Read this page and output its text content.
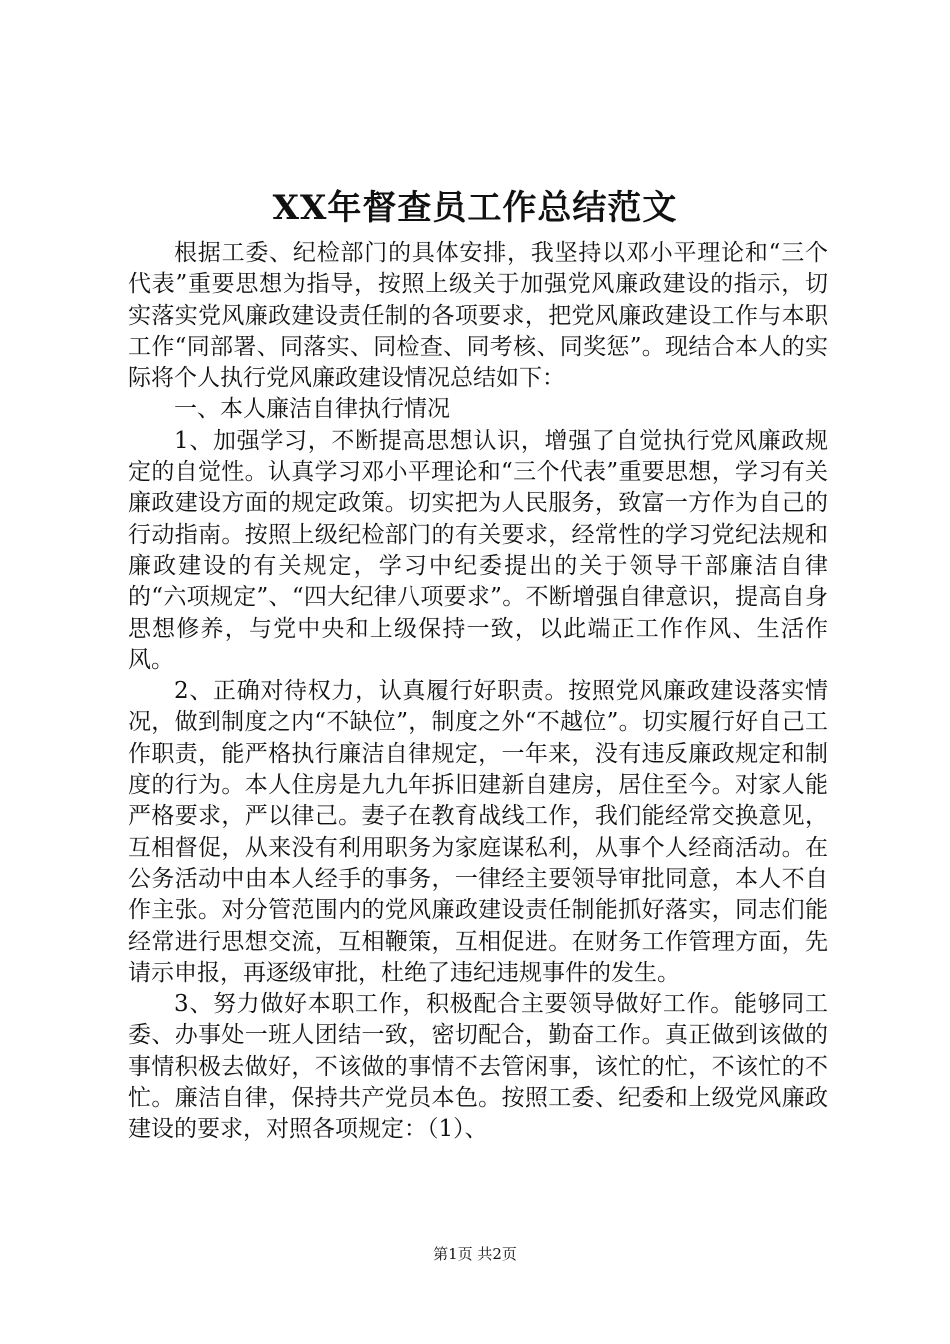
XX年督查员工作总结范文

根据工委、纪检部门的具体安排，我坚持以邓小平理论和“三个代表”重要思想为指导，按照上级关于加强党风廉政建设的指示，切实落实党风廉政建设责任制的各项要求，把党风廉政建设工作与本职工作“同部署、同落实、同检查、同考核、同奖惩”。现结合本人的实际将个人执行党风廉政建设情况总结如下：

一、本人廉洁自律执行情况

1、加强学习，不断提高思想认识，增强了自觉执行党风廉政规定的自觉性。认真学习邓小平理论和“三个代表”重要思想，学习有关廉政建设方面的规定政策。切实把为人民服务，致富一方作为自己的行动指南。按照上级纪检部门的有关要求，经常性的学习党纪法规和廉政建设的有关规定，学习中纪委提出的关于领导干部廉洁自律的“六项规定”、“四大纪律八项要求”。不断增强自律意识，提高自身思想修养，与党中央和上级保持一致，以此端正工作作风、生活作风。

2、正确对待权力，认真履行好职责。按照党风廉政建设落实情况，做到制度之内“不缺位”，制度之外“不越位”。切实履行好自己工作职责，能严格执行廉洁自律规定，一年来，没有违反廉政规定和制度的行为。本人住房是九九年拆旧建新自建房，居住至今。对家人能严格要求，严以律己。妻子在教育战线工作，我们能经常交换意见，互相督促，从来没有利用职务为家庭谋私利，从事个人经商活动。在公务活动中由本人经手的事务，一律经主要领导审批同意，本人不自作主张。对分管范围内的党风廉政建设责任制能抓好落实，同志们能经常进行思想交流，互相鞭策，互相促进。在财务工作管理方面，先请示申报，再逐级审批，杜绝了违纪违规事件的发生。

3、努力做好本职工作，积极配合主要领导做好工作。能够同工委、办事处一班人团结一致，密切配合，勤奋工作。真正做到该做的事情积极去做好，不该做的事情不去管闲事，该忙的忙，不该忙的不忙。廉洁自律，保持共产党员本色。按照工委、纪委和上级党风廉政建设的要求，对照各项规定：（1）、

第1页 共2页
